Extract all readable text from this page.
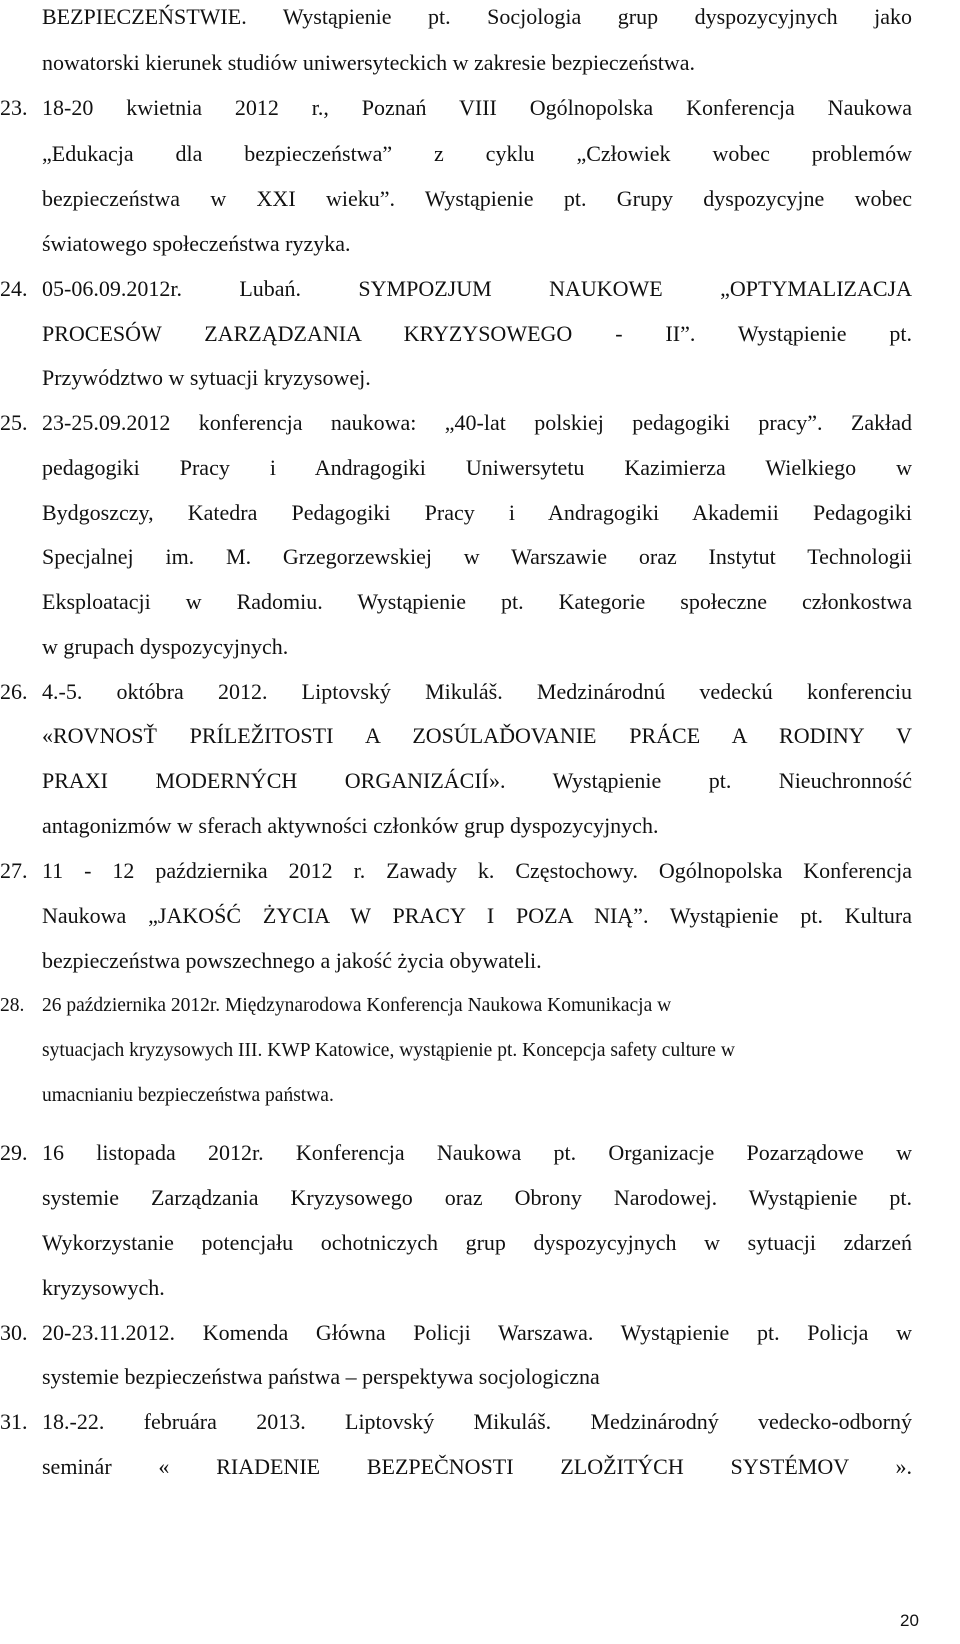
BEZPIECZEŃSTWIE. Wystąpienie pt. Socjologia grup dyspozycyjnych jako
nowatorski kierunek studiów uniwersyteckich w zakresie bezpieczeństwa.
23. 18-20 kwietnia 2012 r., Poznań VIII Ogólnopolska Konferencja Naukowa
„Edukacja dla bezpieczeństwa” z cyklu „Człowiek wobec problemów
bezpieczeństwa w XXI wieku”. Wystąpienie pt. Grupy dyspozycyjne wobec
światowego społeczeństwa ryzyka.
24. 05-06.09.2012r. Lubań. SYMPOZJUM NAUKOWE „OPTYMALIZACJA
PROCESÓW ZARZĄDZANIA KRYZYSOWEGO - II”. Wystąpienie pt.
Przywództwo w sytuacji kryzysowej.
25. 23-25.09.2012 konferencja naukowa: „40-lat polskiej pedagogiki pracy”. Zakład
pedagogiki Pracy i Andragogiki Uniwersytetu Kazimierza Wielkiego w
Bydgoszczy, Katedra Pedagogiki Pracy i Andragogiki Akademii Pedagogiki
Specjalnej im. M. Grzegorzewskiej w Warszawie oraz Instytut Technologii
Eksploatacji w Radomiu. Wystąpienie pt. Kategorie społeczne członkostwa
w grupach dyspozycyjnych.
26. 4.-5. októbra 2012. Liptovský Mikuláš. Medzinárodnú vedeckú konferenciu
«ROVNOSŤ PRÍLEŽITOSTI A ZOSÚLAĎOVANIE PRÁCE A RODINY V
PRAXI MODERNÝCH ORGANIZÁCIÍ». Wystąpienie pt. Nieuchronność
antagonizmów w sferach aktywności członków grup dyspozycyjnych.
27. 11 - 12 października 2012 r. Zawady k. Częstochowy. Ogólnopolska Konferencja
Naukowa „JAKOŚĆ ŻYCIA W PRACY I POZA NIĄ”. Wystąpienie pt. Kultura
bezpieczeństwa powszechnego a jakość życia obywateli.
28. 26 października 2012r. Międzynarodowa Konferencja Naukowa Komunikacja w
sytuacjach kryzysowych III. KWP Katowice, wystąpienie pt. Koncepcja safety culture w
umacnianiu bezpieczeństwa państwa.
29. 16 listopada 2012r. Konferencja Naukowa pt. Organizacje Pozarządowe w
systemie Zarządzania Kryzysowego oraz Obrony Narodowej. Wystąpienie pt.
Wykorzystanie potencjału ochotniczych grup dyspozycyjnych w sytuacji zdarzeń
kryzysowych.
30. 20-23.11.2012. Komenda Główna Policji Warszawa. Wystąpienie pt. Policja w
systemie bezpieczeństwa państwa – perspektywa socjologiczna
31. 18.-22. februára 2013. Liptovský Mikuláš. Medzinárodný vedecko-odborný
seminár « RIADENIE BEZPEČNOSTI ZLOŽITÝCH SYSTÉMOV ».
20
